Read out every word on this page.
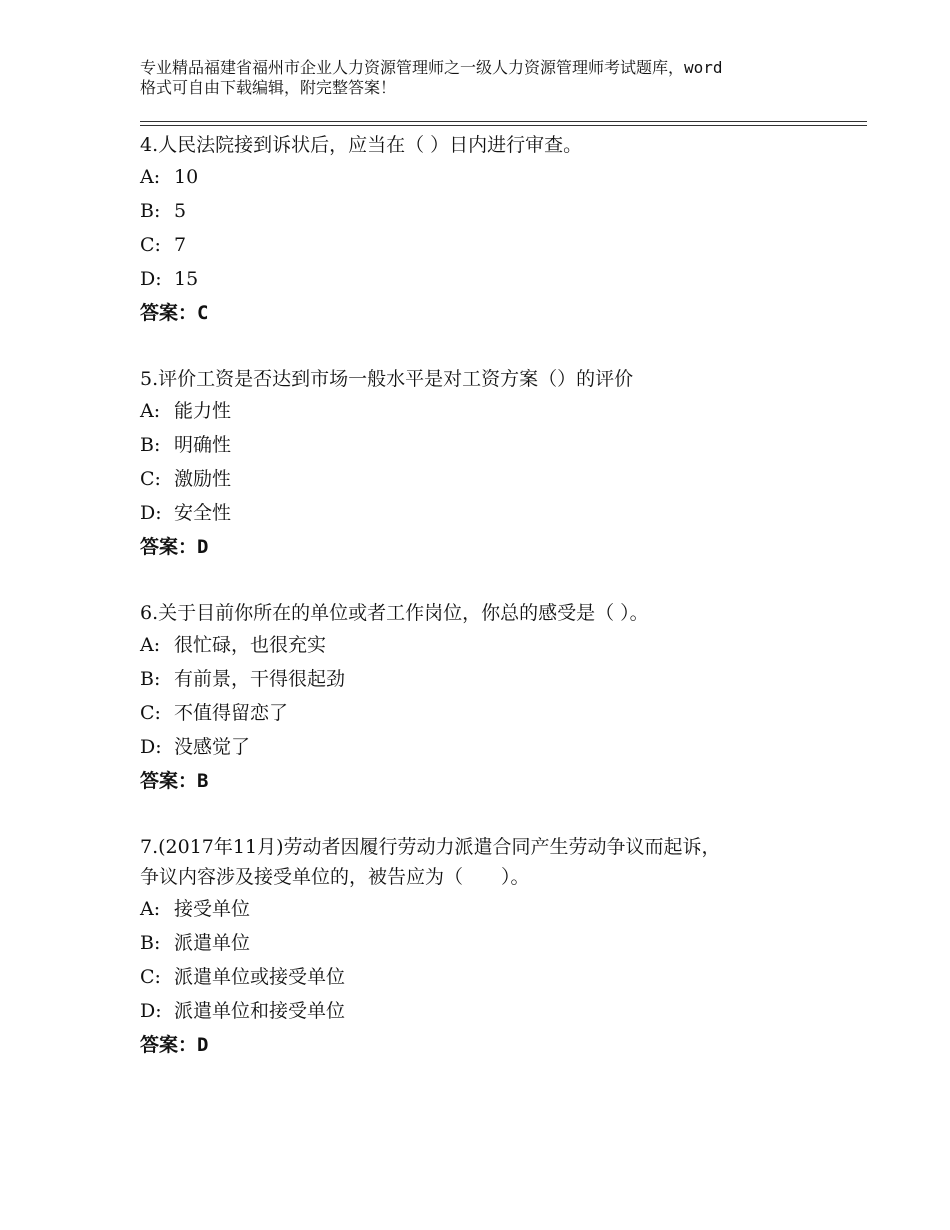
专业精品福建省福州市企业人力资源管理师之一级人力资源管理师考试题库，word
格式可自由下载编辑，附完整答案！
4.人民法院接到诉状后，应当在（ ）日内进行审查。
A: 10
B: 5
C: 7
D: 15
答案：C
5.评价工资是否达到市场一般水平是对工资方案（）的评价
A: 能力性
B: 明确性
C: 激励性
D: 安全性
答案：D
6.关于目前你所在的单位或者工作岗位，你总的感受是（ ）。
A: 很忙碌，也很充实
B: 有前景，干得很起劲
C: 不值得留恋了
D: 没感觉了
答案：B
7.(2017年11月)劳动者因履行劳动力派遣合同产生劳动争议而起诉，
争议内容涉及接受单位的，被告应为（　　）。
A: 接受单位
B: 派遣单位
C: 派遣单位或接受单位
D: 派遣单位和接受单位
答案：D
